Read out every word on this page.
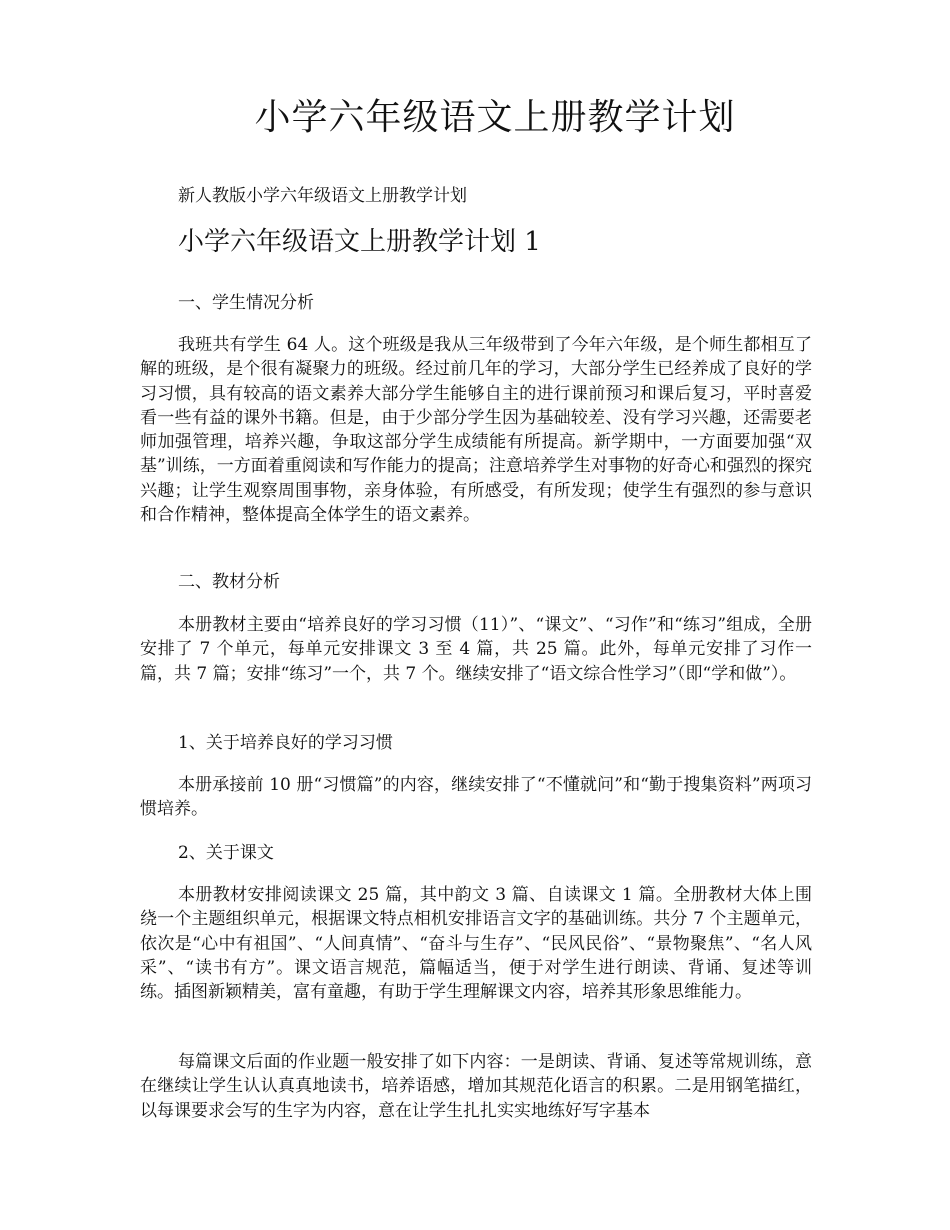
小学六年级语文上册教学计划
新人教版小学六年级语文上册教学计划
小学六年级语文上册教学计划 1
一、学生情况分析

我班共有学生 64 人。这个班级是我从三年级带到了今年六年级，是个师生都相互了解的班级，是个很有凝聚力的班级。经过前几年的学习，大部分学生已经养成了良好的学习习惯，具有较高的语文素养大部分学生能够自主的进行课前预习和课后复习，平时喜爱看一些有益的课外书籍。但是，由于少部分学生因为基础较差、没有学习兴趣，还需要老师加强管理，培养兴趣，争取这部分学生成绩能有所提高。新学期中，一方面要加强“双基”训练，一方面着重阅读和写作能力的提高；注意培养学生对事物的好奇心和强烈的探究兴趣；让学生观察周围事物，亲身体验，有所感受，有所发现；使学生有强烈的参与意识和合作精神，整体提高全体学生的语文素养。

二、教材分析

本册教材主要由“培养良好的学习习惯（11）”、“课文”、“习作”和“练习”组成，全册安排了 7 个单元，每单元安排课文 3 至 4 篇，共 25 篇。此外，每单元安排了习作一篇，共 7 篇；安排“练习”一个，共 7 个。继续安排了“语文综合性学习”（即“学和做”）。

1、关于培养良好的学习习惯

本册承接前 10 册“习惯篇”的内容，继续安排了“不懂就问”和“勤于搜集资料”两项习惯培养。

2、关于课文

本册教材安排阅读课文 25 篇，其中韵文 3 篇、自读课文 1 篇。全册教材大体上围绕一个主题组织单元，根据课文特点相机安排语言文字的基础训练。共分 7 个主题单元，依次是“心中有祖国”、“人间真情”、“奋斗与生存”、“民风民俗”、“景物聚焦”、“名人风采”、“读书有方”。课文语言规范，篇幅适当，便于对学生进行朗读、背诵、复述等训练。插图新颖精美，富有童趣，有助于学生理解课文内容，培养其形象思维能力。

每篇课文后面的作业题一般安排了如下内容：一是朗读、背诵、复述等常规训练，意在继续让学生认认真真地读书，培养语感，增加其规范化语言的积累。二是用钢笔描红，以每课要求会写的生字为内容，意在让学生扎扎实实地练好写字基本
